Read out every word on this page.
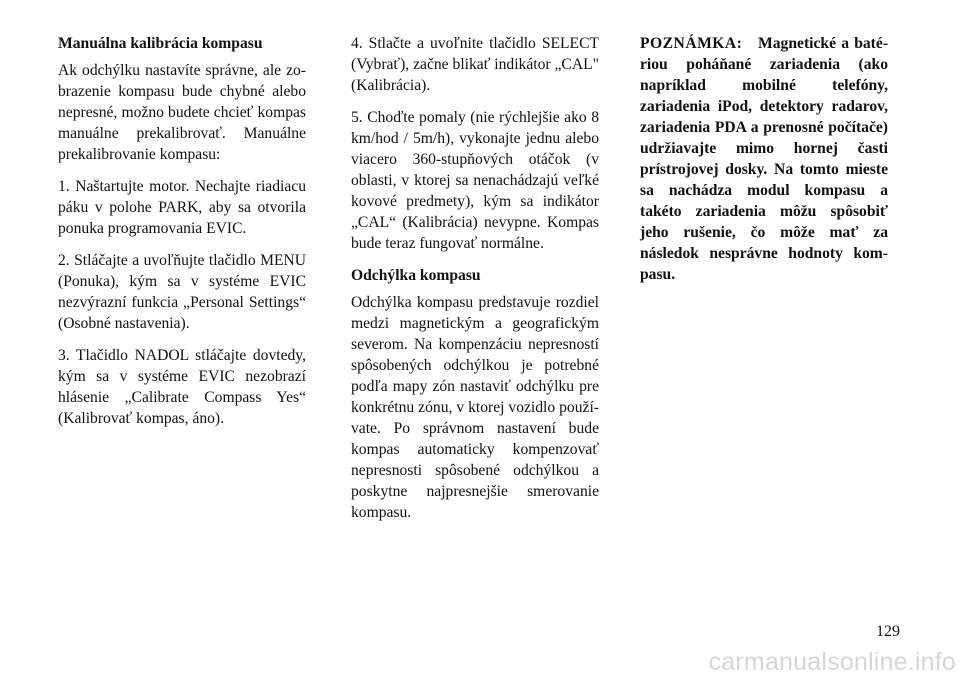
Manuálna kalibrácia kompasu

Ak odchýlku nastavíte správne, ale zobrazenie kompasu bude chybné alebo nepresné, možno budete chcieť kompas manuálne prekalibrovať. Manuálne prekalibrovanie kompasu:

1. Naštartujte motor. Nechajte riadiacu páku v polohe PARK, aby sa otvorila ponuka programovania EVIC.

2. Stláčajte a uvoľňujte tlačidlo MENU (Ponuka), kým sa v systéme EVIC nezvýrazní funkcia „Personal Settings“ (Osobné nastavenia).

3. Tlačidlo NADOL stláčajte dovtedy, kým sa v systéme EVIC nezobrazí hlásenie „Calibrate Compass Yes“ (Kalibrovať kompas, áno).

4. Stlačte a uvoľnite tlačidlo SELECT (Vybrať), začne blikať indikátor „CAL" (Kalibrácia).

5. Choďte pomaly (nie rýchlejšie ako 8 km/hod / 5m/h), vykonajte jednu alebo viacero 360-stupňových otáčok (v oblasti, v ktorej sa nenachádzajú veľké kovové predmety), kým sa indikátor „CAL“ (Kalibrácia) nevypne. Kompas bude teraz fungovať normálne.

Odchýlka kompasu

Odchýlka kompasu predstavuje rozdiel medzi magnetickým a geografickým severom. Na kompenzáciu nepresností spôsobených odchýlkou je potrebné podľa mapy zón nastaviť odchýlku pre konkrétnu zónu, v ktorej vozidlo používate. Po správnom nastavení bude kompas automaticky kompenzovať nepresnosti spôsobené odchýlkou a poskytne najpresnejšie smerovanie kompasu.

POZNÁMKA: Magnetické a batériou poháňané zariadenia (ako napríklad mobilné telefóny, zariadenia iPod, detektory radarov, zariadenia PDA a prenosné počítače) udržiavajte mimo hornej časti prístrojovej dosky. Na tomto mieste sa nachádza modul kompasu a takéto zariadenia môžu spôsobiť jeho rušenie, čo môže mať za následok nesprávne hodnoty kompasu.

129
carmanualsonline.info
